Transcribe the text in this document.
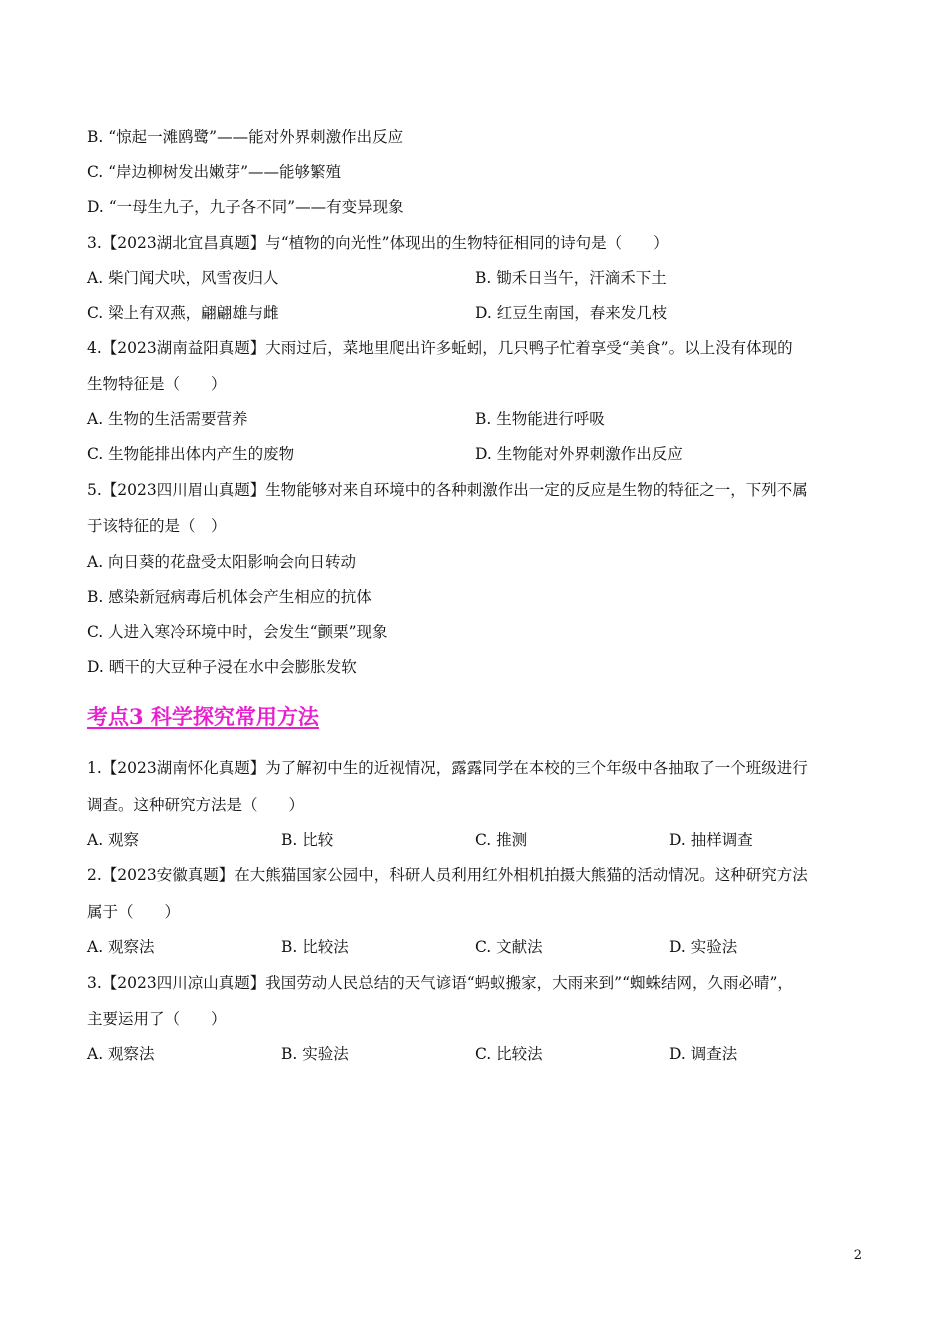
B. “惊起一滩鸥鹭”——能对外界刺激作出反应
C. “岸边柳树发出嫩芽”——能够繁殖
D. “一母生九子，九子各不同”——有变异现象
3.【2023湖北宜昌真题】与“植物的向光性”体现出的生物特征相同的诗句是（　　）
A. 柴门闻犬吠，风雪夜归人	B. 锄禾日当午，汗滴禾下土
C. 梁上有双燕，翩翩雄与雌	D. 红豆生南国，春来发几枝
4.【2023湖南益阳真题】大雨过后，菜地里爬出许多蚯蚓，几只鸭子忙着享受“美食”。以上没有体现的
生物特征是（　　）
A. 生物的生活需要营养	B. 生物能进行呼吸
C. 生物能排出体内产生的废物	D. 生物能对外界刺激作出反应
5.【2023四川眉山真题】生物能够对来自环境中的各种刺激作出一定的反应是生物的特征之一，下列不属
于该特征的是（　）
A. 向日葵的花盘受太阳影响会向日转动
B. 感染新冠病毒后机体会产生相应的抗体
C. 人进入寒冷环境中时，会发生“颤栗”现象
D. 晒干的大豆种子浸在水中会膨胀发软
考点3 科学探究常用方法
1.【2023湖南怀化真题】为了解初中生的近视情况，露露同学在本校的三个年级中各抽取了一个班级进行
调查。这种研究方法是（　　）
A. 观察	B. 比较	C. 推测	D. 抽样调查
2.【2023安徽真题】在大熊猫国家公园中，科研人员利用红外相机拍摄大熊猫的活动情况。这种研究方法
属于（　　）
A. 观察法	B. 比较法	C. 文献法	D. 实验法
3.【2023四川凉山真题】我国劳动人民总结的天气谚语“蚂蚁搬家，大雨来到”“蜘蛛结网，久雨必晴”，
主要运用了（　　）
A. 观察法	B. 实验法	C. 比较法	D. 调查法
2
